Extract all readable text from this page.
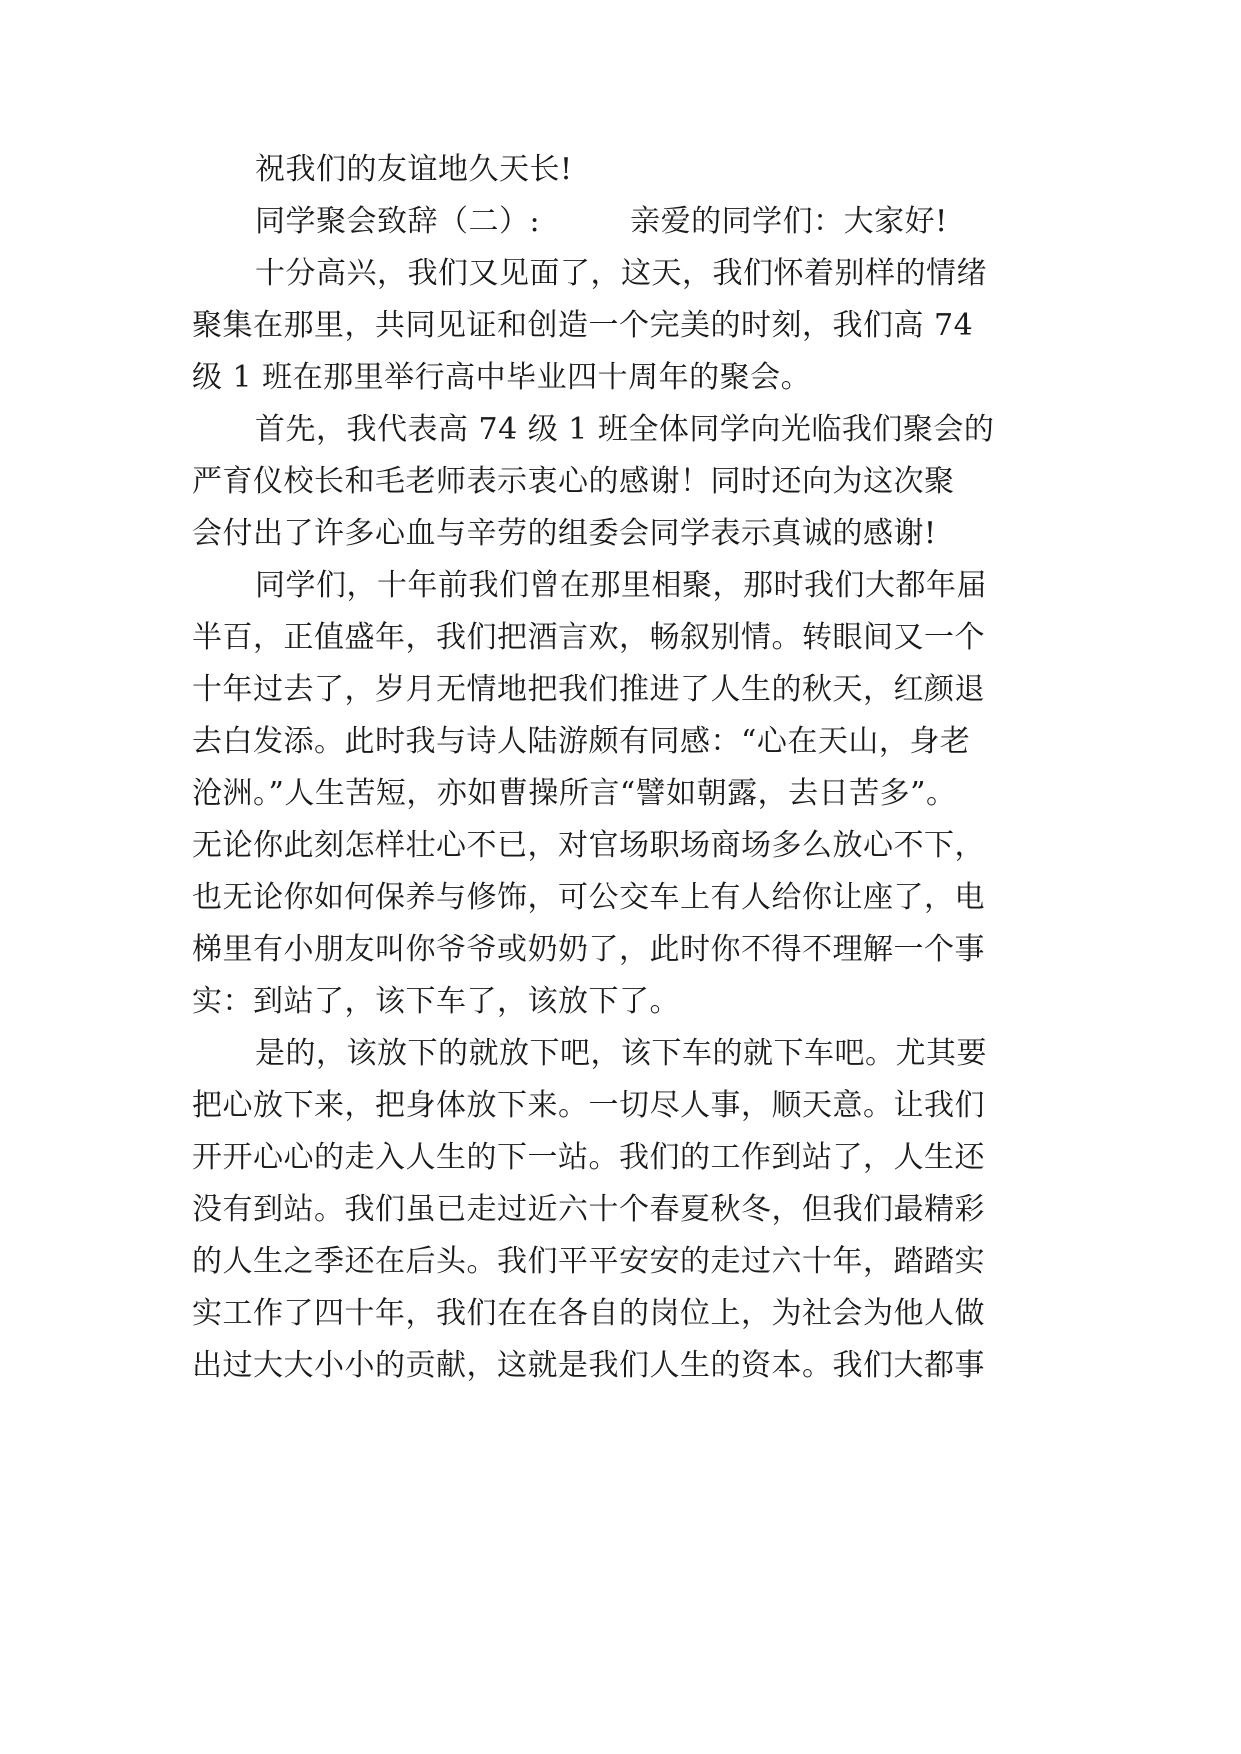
祝我们的友谊地久天长!
同学聚会致辞（二）:	亲爱的同学们：大家好!
十分高兴，我们又见面了，这天，我们怀着别样的情绪
聚集在那里，共同见证和创造一个完美的时刻，我们高 74
级 1 班在那里举行高中毕业四十周年的聚会。
首先，我代表高 74 级 1 班全体同学向光临我们聚会的
严育仪校长和毛老师表示衷心的感谢！同时还向为这次聚
会付出了许多心血与辛劳的组委会同学表示真诚的感谢!
同学们，十年前我们曾在那里相聚，那时我们大都年届
半百，正值盛年，我们把酒言欢，畅叙别情。转眼间又一个
十年过去了，岁月无情地把我们推进了人生的秋天，红颜退
去白发添。此时我与诗人陆游颇有同感：“心在天山，身老
沧洲。”人生苦短，亦如曹操所言“譬如朝露，去日苦多”。
无论你此刻怎样壮心不已，对官场职场商场多么放心不下，
也无论你如何保养与修饰，可公交车上有人给你让座了，电
梯里有小朋友叫你爷爷或奶奶了，此时你不得不理解一个事
实：到站了，该下车了，该放下了。
是的，该放下的就放下吧，该下车的就下车吧。尤其要
把心放下来，把身体放下来。一切尽人事，顺天意。让我们
开开心心的走入人生的下一站。我们的工作到站了，人生还
没有到站。我们虽已走过近六十个春夏秋冬，但我们最精彩
的人生之季还在后头。我们平平安安的走过六十年，踏踏实
实工作了四十年，我们在在各自的岗位上，为社会为他人做
出过大大小小的贡献，这就是我们人生的资本。我们大都事
